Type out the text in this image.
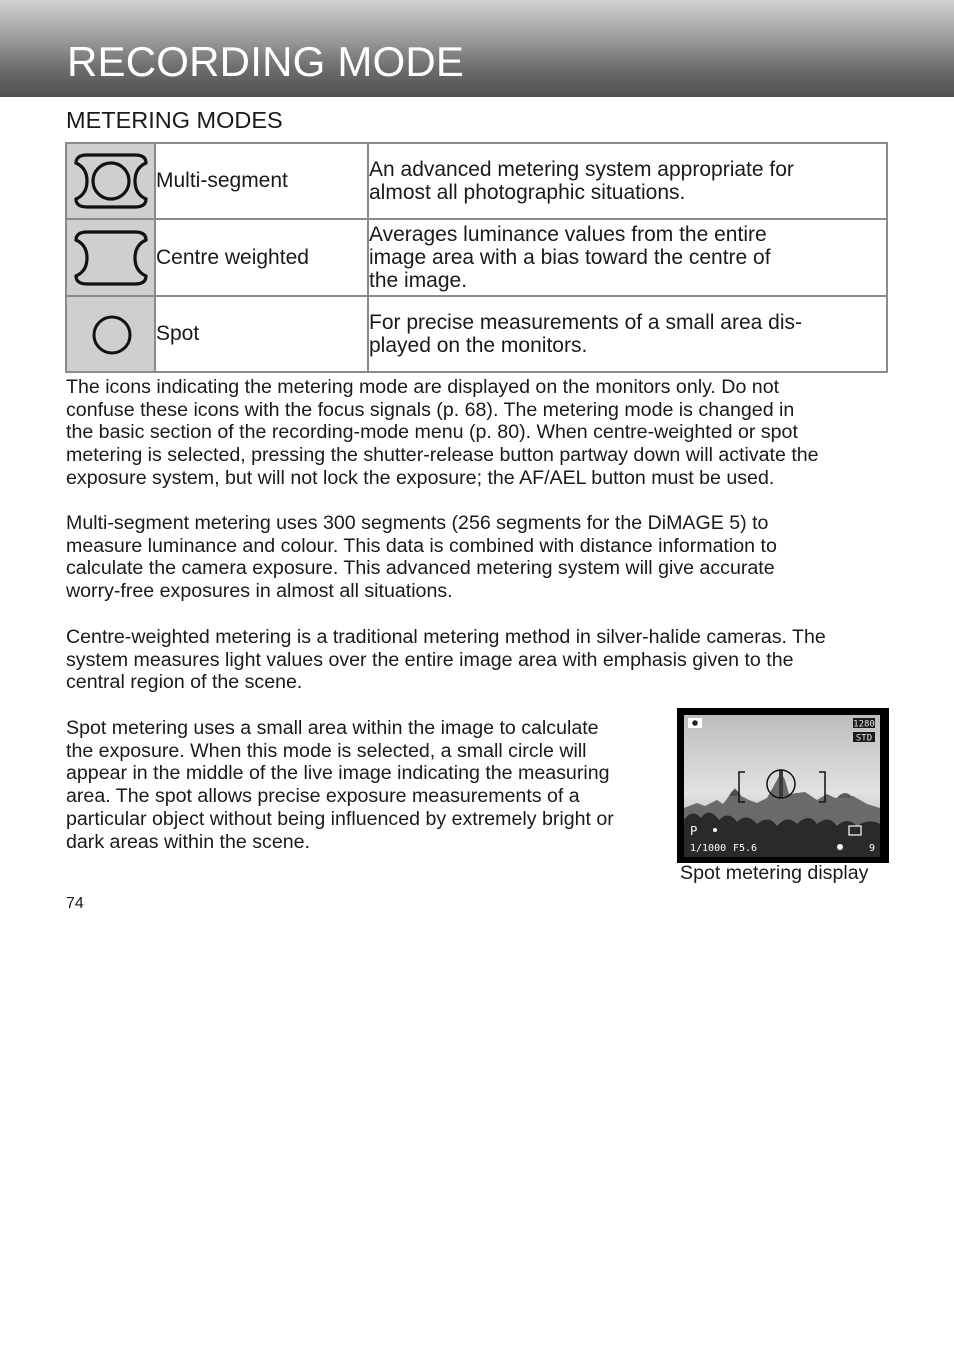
RECORDING MODE
METERING MODES
	Multi-segment	An advanced metering system appropriate for
almost all photographic situations.

	Centre weighted	Averages luminance values from the entire
image area with a bias toward the centre of
the image.

	Spot	For precise measurements of a small area dis-
played on the monitors.
The icons indicating the metering mode are displayed on the monitors only. Do not
confuse these icons with the focus signals (p. 68). The metering mode is changed in
the basic section of the recording-mode menu (p. 80). When centre-weighted or spot
metering is selected, pressing the shutter-release button partway down will activate the
exposure system, but will not lock the exposure; the AF/AEL button must be used.
Multi-segment metering uses 300 segments (256 segments for the DiMAGE 5) to
measure luminance and colour. This data is combined with distance information to
calculate the camera exposure. This advanced metering system will give accurate
worry-free exposures in almost all situations.
Centre-weighted metering is a traditional metering method in silver-halide cameras. The
system measures light values over the entire image area with emphasis given to the
central region of the scene.
Spot metering uses a small area within the image to calculate
the exposure. When this mode is selected, a small circle will
appear in the middle of the live image indicating the measuring
area. The spot allows precise exposure measurements of a
particular object without being influenced by extremely bright or
dark areas within the scene.
1280
STD
P
1/1000 F5.6	9
Spot metering display
74
